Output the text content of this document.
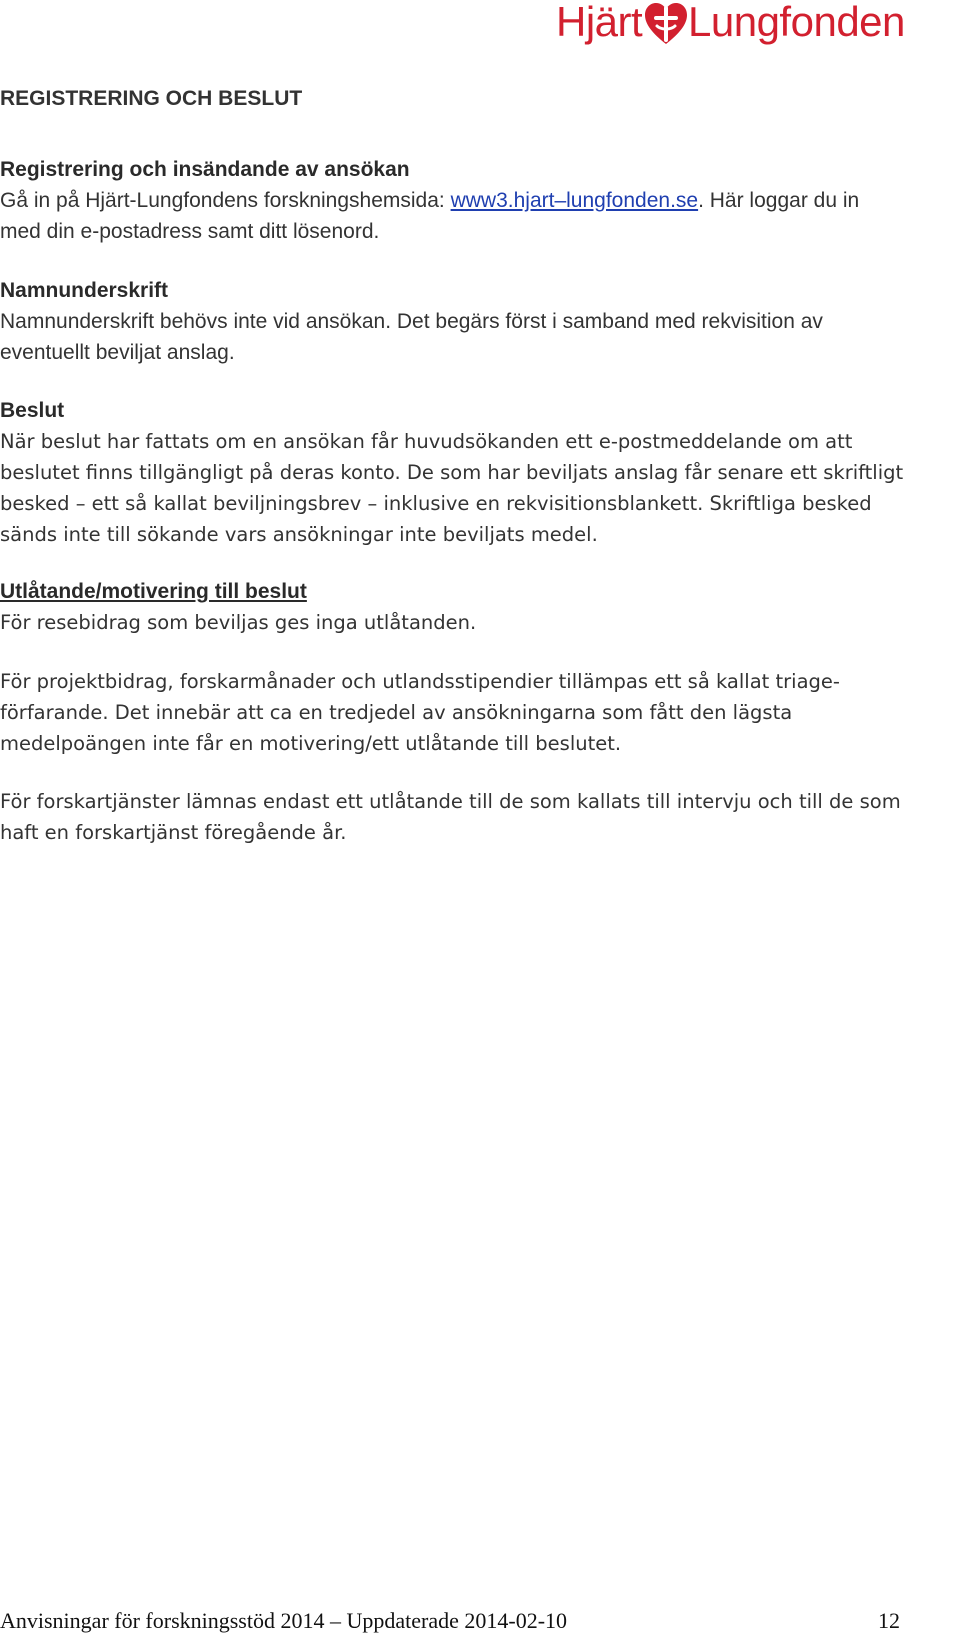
Hjärt Lungfonden
REGISTRERING OCH BESLUT
Registrering och insändande av ansökan
Gå in på Hjärt-Lungfondens forskningshemsida: www3.hjart–lungfonden.se. Här loggar du in
med din e-postadress samt ditt lösenord.
Namnunderskrift
Namnunderskrift behövs inte vid ansökan. Det begärs först i samband med rekvisition av
eventuellt beviljat anslag.
Beslut
När beslut har fattats om en ansökan får huvudsökanden ett e-postmeddelande om att
beslutet finns tillgängligt på deras konto. De som har beviljats anslag får senare ett skriftligt
besked – ett så kallat beviljningsbrev – inklusive en rekvisitionsblankett. Skriftliga besked
sänds inte till sökande vars ansökningar inte beviljats medel.
Utlåtande/motivering till beslut
För resebidrag som beviljas ges inga utlåtanden.
För projektbidrag, forskarmånader och utlandsstipendier tillämpas ett så kallat triage-
förfarande. Det innebär att ca en tredjedel av ansökningarna som fått den lägsta
medelpoängen inte får en motivering/ett utlåtande till beslutet.
För forskartjänster lämnas endast ett utlåtande till de som kallats till intervju och till de som
haft en forskartjänst föregående år.
Anvisningar för forskningsstöd 2014 – Uppdaterade 2014-02-10	12
